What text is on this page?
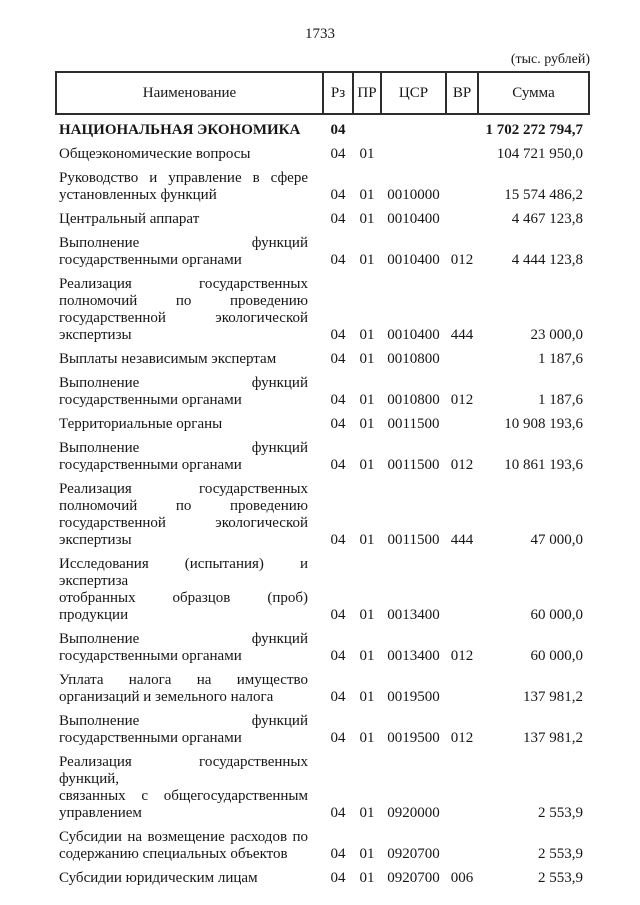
1733
(тыс. рублей)
Наименование	Рз	ПР	ЦСР	ВР	Сумма

НАЦИОНАЛЬНАЯ ЭКОНОМИКА	04				1 702 272 794,7

Общеэкономические вопросы	04	01			104 721 950,0

Руководство и управление в сфере
установленных функций	04	01	0010000		15 574 486,2

Центральный аппарат	04	01	0010400		4 467 123,8

Выполнение функций
государственными органами	04	01	0010400	012	4 444 123,8

Реализация государственных
полномочий по проведению
государственной экологической
экспертизы	04	01	0010400	444	23 000,0

Выплаты независимым экспертам	04	01	0010800		1 187,6

Выполнение функций
государственными органами	04	01	0010800	012	1 187,6

Территориальные органы	04	01	0011500		10 908 193,6

Выполнение функций
государственными органами	04	01	0011500	012	10 861 193,6

Реализация государственных
полномочий по проведению
государственной экологической
экспертизы	04	01	0011500	444	47 000,0

Исследования (испытания) и экспертиза
отобранных образцов (проб) продукции	04	01	0013400		60 000,0

Выполнение функций
государственными органами	04	01	0013400	012	60 000,0

Уплата налога на имущество
организаций и земельного налога	04	01	0019500		137 981,2

Выполнение функций
государственными органами	04	01	0019500	012	137 981,2

Реализация государственных функций,
связанных с общегосударственным
управлением	04	01	0920000		2 553,9

Субсидии на возмещение расходов по
содержанию специальных объектов	04	01	0920700		2 553,9

Субсидии юридическим лицам	04	01	0920700	006	2 553,9
